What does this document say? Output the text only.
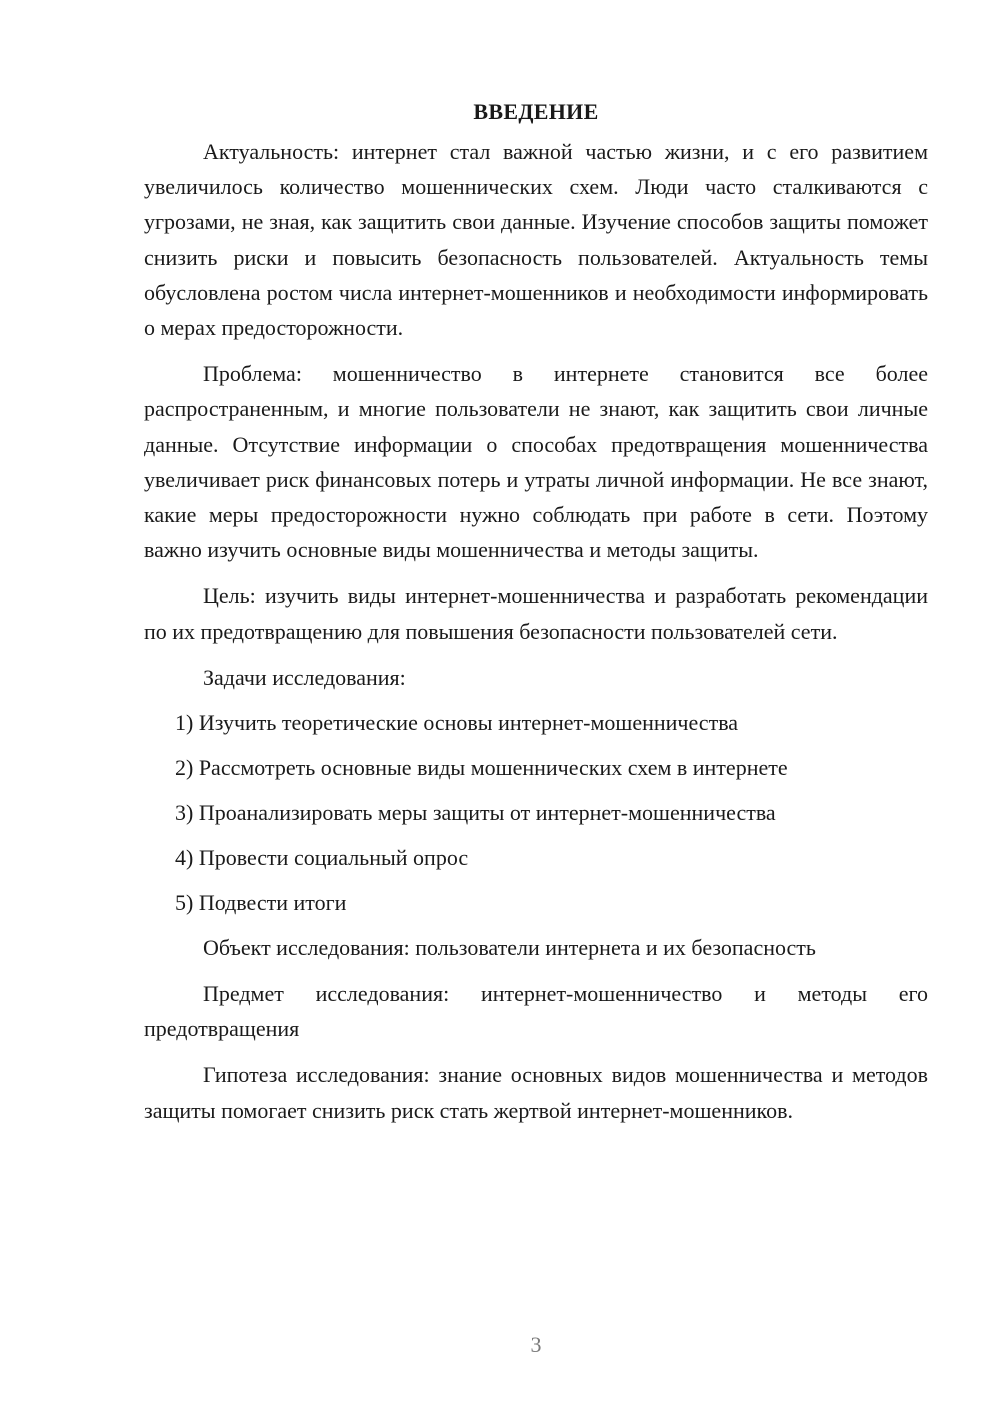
ВВЕДЕНИЕ

Актуальность: интернет стал важной частью жизни, и с его развитием увеличилось количество мошеннических схем. Люди часто сталкиваются с угрозами, не зная, как защитить свои данные. Изучение способов защиты поможет снизить риски и повысить безопасность пользователей. Актуальность темы обусловлена ростом числа интернет-мошенников и необходимости информировать о мерах предосторожности.

Проблема: мошенничество в интернете становится все более распространенным, и многие пользователи не знают, как защитить свои личные данные. Отсутствие информации о способах предотвращения мошенничества увеличивает риск финансовых потерь и утраты личной информации. Не все знают, какие меры предосторожности нужно соблюдать при работе в сети. Поэтому важно изучить основные виды мошенничества и методы защиты.

Цель: изучить виды интернет-мошенничества и разработать рекомендации по их предотвращению для повышения безопасности пользователей сети.

Задачи исследования:

1) Изучить теоретические основы интернет-мошенничества
2) Рассмотреть основные виды мошеннических схем в интернете
3) Проанализировать меры защиты от интернет-мошенничества
4) Провести социальный опрос
5) Подвести итоги

Объект исследования: пользователи интернета и их безопасность

Предмет исследования: интернет-мошенничество и методы его предотвращения

Гипотеза исследования: знание основных видов мошенничества и методов защиты помогает снизить риск стать жертвой интернет-мошенников.

3
